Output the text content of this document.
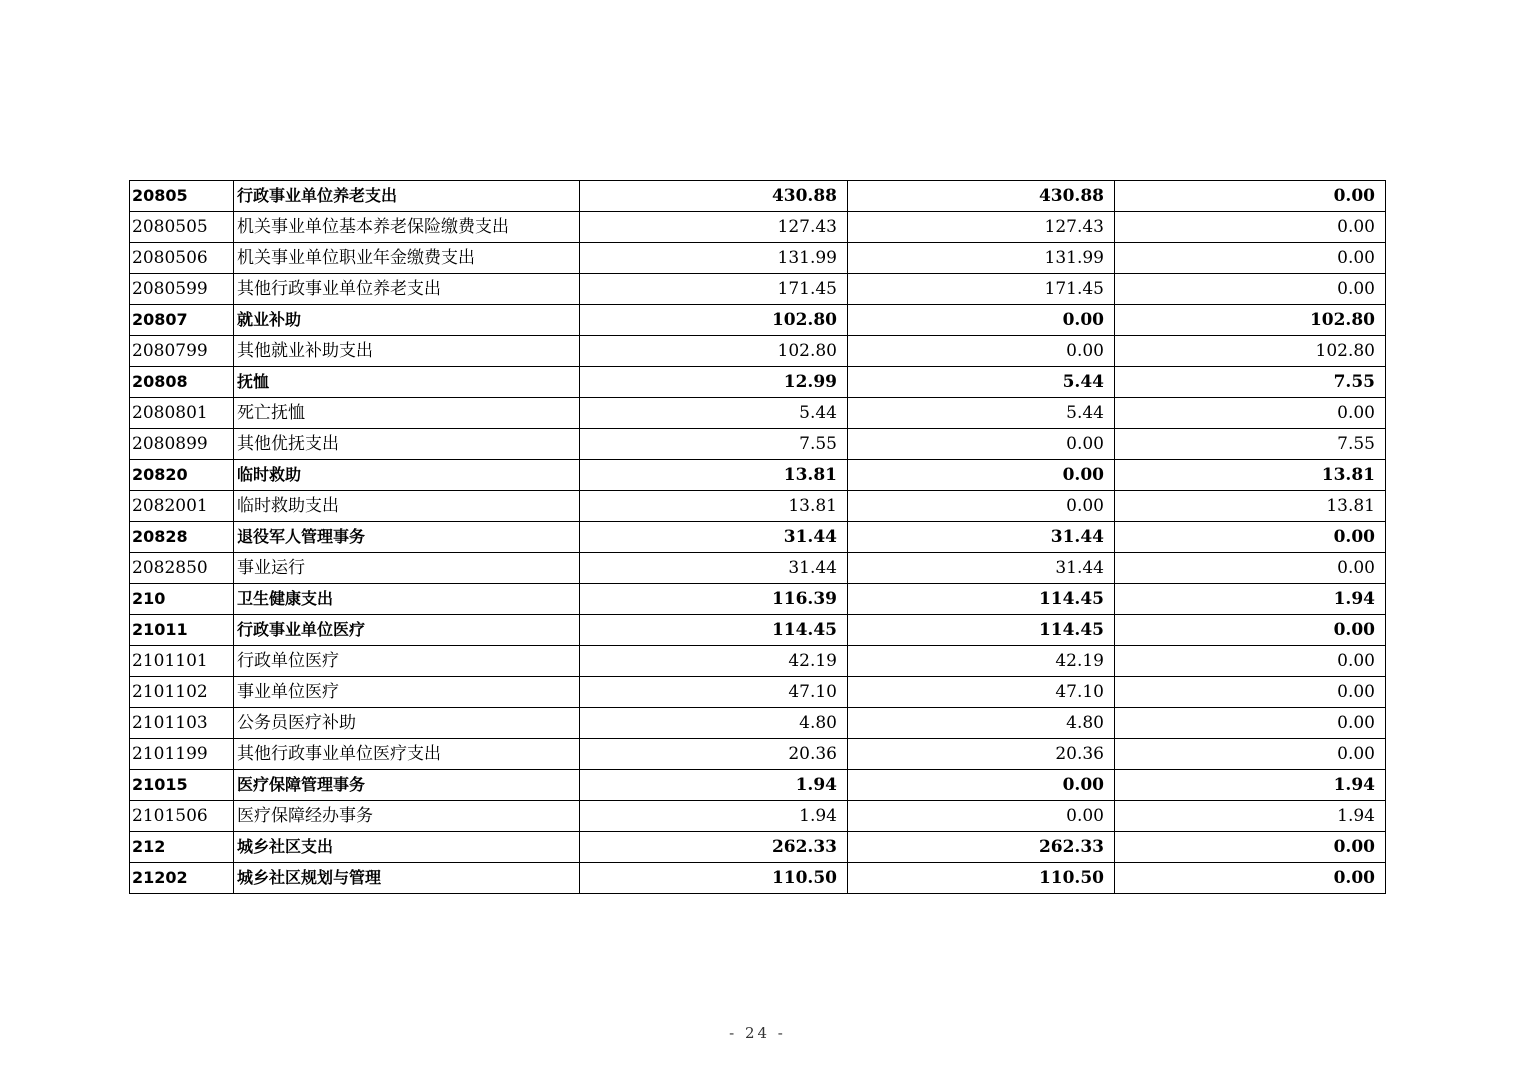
20805	行政事业单位养老支出	430.88	430.88	0.00
2080505	机关事业单位基本养老保险缴费支出	127.43	127.43	0.00
2080506	机关事业单位职业年金缴费支出	131.99	131.99	0.00
2080599	其他行政事业单位养老支出	171.45	171.45	0.00
20807	就业补助	102.80	0.00	102.80
2080799	其他就业补助支出	102.80	0.00	102.80
20808	抚恤	12.99	5.44	7.55
2080801	死亡抚恤	5.44	5.44	0.00
2080899	其他优抚支出	7.55	0.00	7.55
20820	临时救助	13.81	0.00	13.81
2082001	临时救助支出	13.81	0.00	13.81
20828	退役军人管理事务	31.44	31.44	0.00
2082850	事业运行	31.44	31.44	0.00
210	卫生健康支出	116.39	114.45	1.94
21011	行政事业单位医疗	114.45	114.45	0.00
2101101	行政单位医疗	42.19	42.19	0.00
2101102	事业单位医疗	47.10	47.10	0.00
2101103	公务员医疗补助	4.80	4.80	0.00
2101199	其他行政事业单位医疗支出	20.36	20.36	0.00
21015	医疗保障管理事务	1.94	0.00	1.94
2101506	医疗保障经办事务	1.94	0.00	1.94
212	城乡社区支出	262.33	262.33	0.00
21202	城乡社区规划与管理	110.50	110.50	0.00
- 24 -
